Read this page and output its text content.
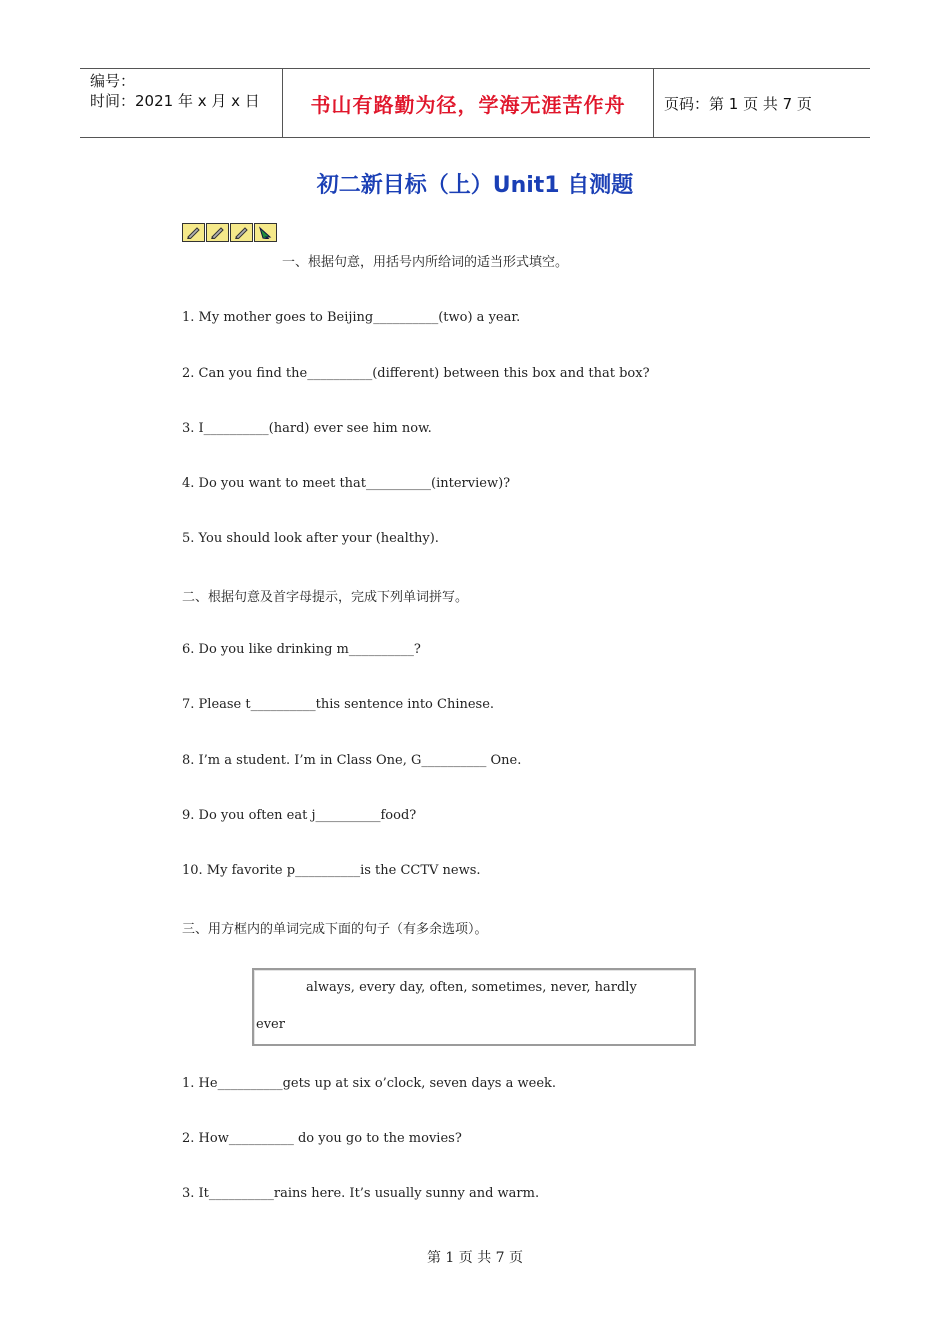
编号：
时间：2021 年 x 月 x 日	书山有路勤为径，学海无涯苦作舟	页码：第 1 页 共 7 页
初二新目标（上）Unit1 自测题
一、根据句意，用括号内所给词的适当形式填空。
1. My mother goes to Beijing__________(two) a year.
2. Can you find the__________(different) between this box and that box?
3. I__________(hard) ever see him now.
4. Do you want to meet that__________(interview)?
5. You should look after your (healthy).
二、根据句意及首字母提示，完成下列单词拼写。
6. Do you like drinking m__________?
7. Please t__________this sentence into Chinese.
8. I’m a student. I’m in Class One, G__________ One.
9. Do you often eat j__________food?
10. My favorite p__________is the CCTV news.
三、用方框内的单词完成下面的句子（有多余选项）。
always, every day, often, sometimes, never, hardly
ever
1. He__________gets up at six o’clock, seven days a week.
2. How__________ do you go to the movies?
3. It__________rains here. It’s usually sunny and warm.
第 1 页 共 7 页
